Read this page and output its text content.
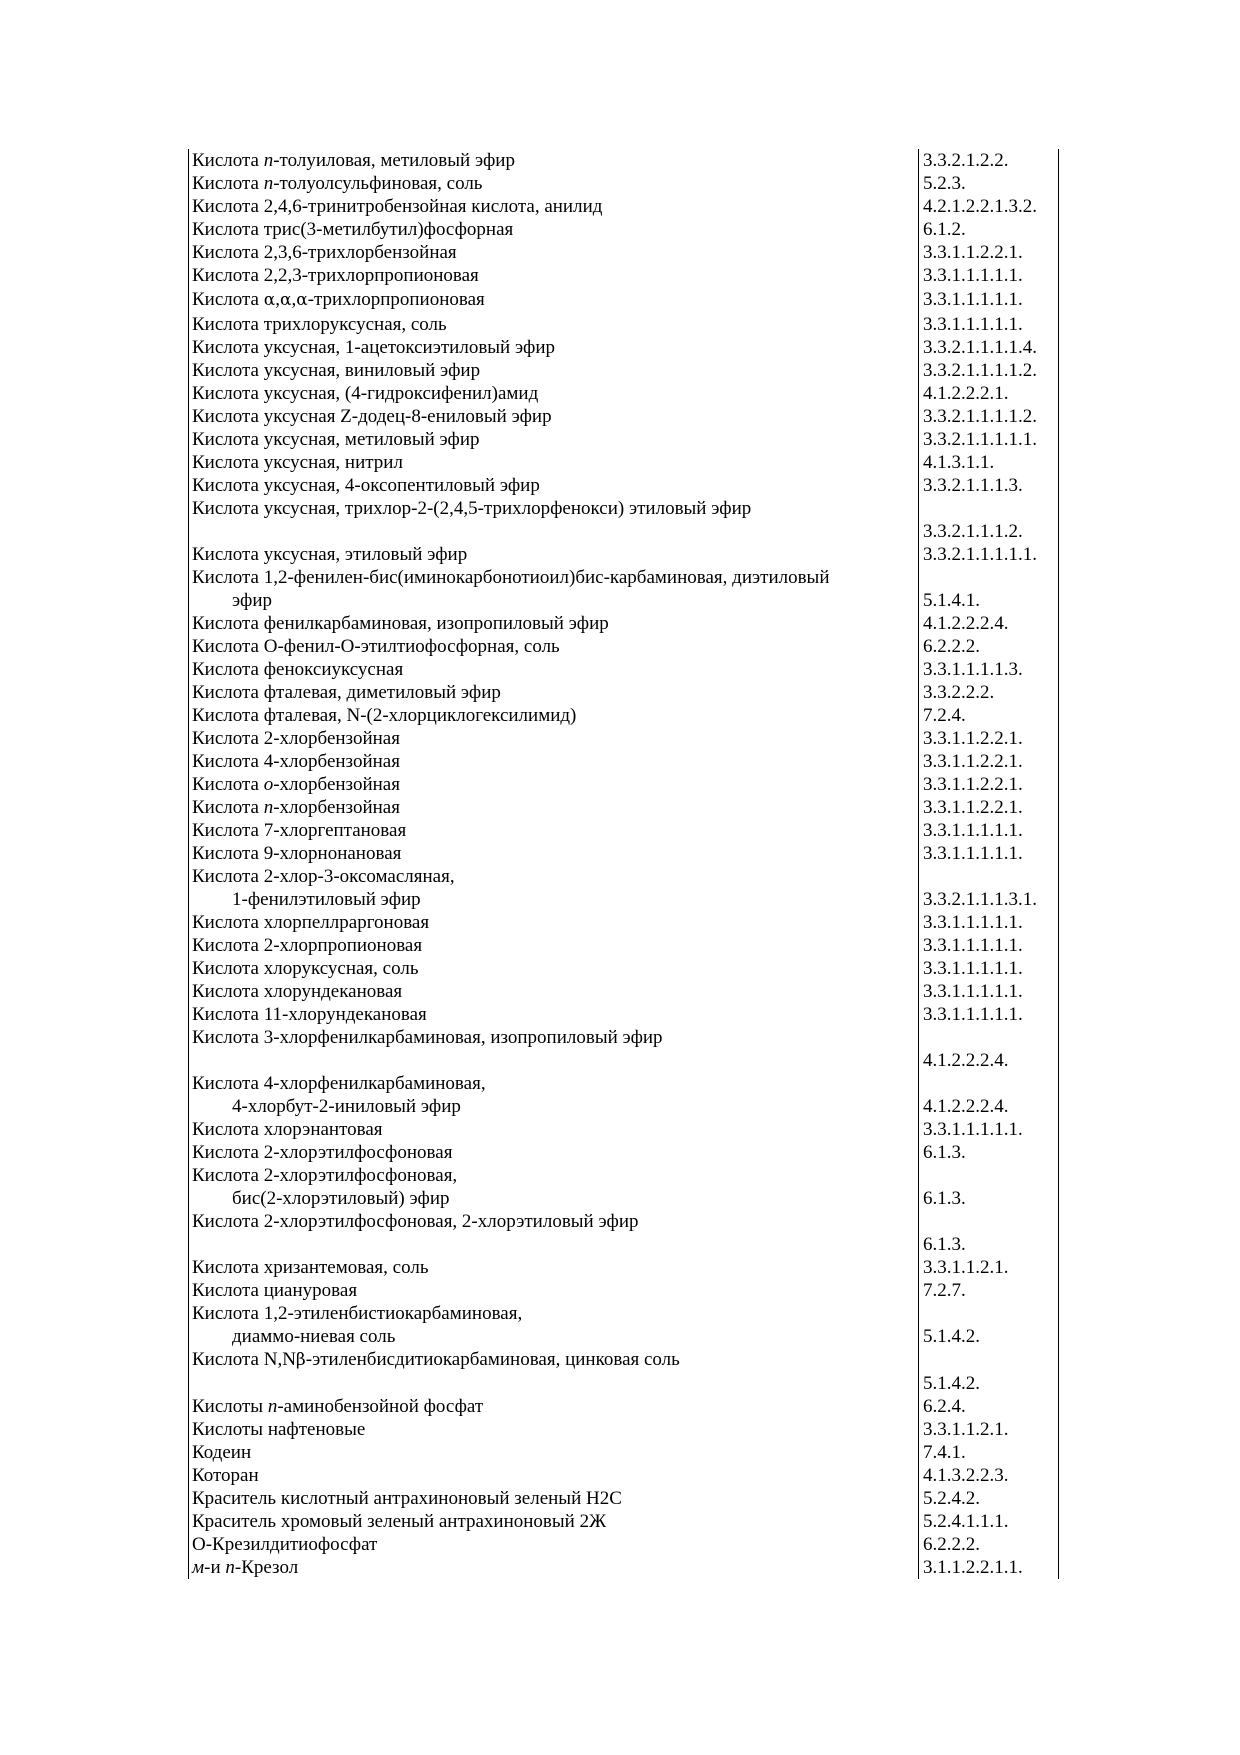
Кислота п-толуиловая, метиловый эфир	3.3.2.1.2.2.
Кислота п-толуолсульфиновая, соль	5.2.3.
Кислота 2,4,6-тринитробензойная кислота, анилид	4.2.1.2.2.1.3.2.
Кислота трис(3-метилбутил)фосфорная	6.1.2.
Кислота 2,3,6-трихлорбензойная	3.3.1.1.2.2.1.
Кислота 2,2,3-трихлорпропионовая	3.3.1.1.1.1.1.
Кислота α,α,α-трихлорпропионовая	3.3.1.1.1.1.1.
Кислота трихлоруксусная, соль	3.3.1.1.1.1.1.
Кислота уксусная, 1-ацетоксиэтиловый эфир	3.3.2.1.1.1.1.4.
Кислота уксусная, виниловый эфир	3.3.2.1.1.1.1.2.
Кислота уксусная, (4-гидроксифенил)амид	4.1.2.2.2.1.
Кислота уксусная Z-додец-8-ениловый эфир	3.3.2.1.1.1.1.2.
Кислота уксусная, метиловый эфир	3.3.2.1.1.1.1.1.
Кислота уксусная, нитрил	4.1.3.1.1.
Кислота уксусная, 4-оксопентиловый эфир	3.3.2.1.1.1.3.
Кислота уксусная, трихлор-2-(2,4,5-трихлорфенокси) этиловый эфир	3.3.2.1.1.1.2.
Кислота уксусная, этиловый эфир	3.3.2.1.1.1.1.1.
Кислота 1,2-фенилен-бис(иминокарбонотиоил)бис-карбаминовая, диэтиловый
эфир	5.1.4.1.
Кислота фенилкарбаминовая, изопропиловый эфир	4.1.2.2.2.4.
Кислота О-фенил-О-этилтиофосфорная, соль	6.2.2.2.
Кислота феноксиуксусная	3.3.1.1.1.1.3.
Кислота фталевая, диметиловый эфир	3.3.2.2.2.
Кислота фталевая, N-(2-хлорциклогексилимид)	7.2.4.
Кислота 2-хлорбензойная	3.3.1.1.2.2.1.
Кислота 4-хлорбензойная	3.3.1.1.2.2.1.
Кислота о-хлорбензойная	3.3.1.1.2.2.1.
Кислота п-хлорбензойная	3.3.1.1.2.2.1.
Кислота 7-хлоргептановая	3.3.1.1.1.1.1.
Кислота 9-хлорнонановая	3.3.1.1.1.1.1.
Кислота 2-хлор-3-оксомасляная,
1-фенилэтиловый эфир	3.3.2.1.1.1.3.1.
Кислота хлорпеллраргоновая	3.3.1.1.1.1.1.
Кислота 2-хлорпропионовая	3.3.1.1.1.1.1.
Кислота хлоруксусная, соль	3.3.1.1.1.1.1.
Кислота хлорундекановая	3.3.1.1.1.1.1.
Кислота 11-хлорундекановая	3.3.1.1.1.1.1.
Кислота 3-хлорфенилкарбаминовая, изопропиловый эфир	4.1.2.2.2.4.
Кислота 4-хлорфенилкарбаминовая,
4-хлорбут-2-иниловый эфир	4.1.2.2.2.4.
Кислота хлорэнантовая	3.3.1.1.1.1.1.
Кислота 2-хлорэтилфосфоновая	6.1.3.
Кислота 2-хлорэтилфосфоновая,
бис(2-хлорэтиловый) эфир	6.1.3.
Кислота 2-хлорэтилфосфоновая, 2-хлорэтиловый эфир	6.1.3.
Кислота хризантемовая, соль	3.3.1.1.2.1.
Кислота циануровая	7.2.7.
Кислота 1,2-этиленбистиокарбаминовая,
диаммо-ниевая соль	5.1.4.2.
Кислота N,Nβ-этиленбисдитиокарбаминовая, цинковая соль	5.1.4.2.
Кислоты п-аминобензойной фосфат	6.2.4.
Кислоты нафтеновые	3.3.1.1.2.1.
Кодеин	7.4.1.
Которан	4.1.3.2.2.3.
Краситель кислотный антрахиноновый зеленый Н2С	5.2.4.2.
Краситель хромовый зеленый антрахиноновый 2Ж	5.2.4.1.1.1.
О-Крезилдитиофосфат	6.2.2.2.
м-и п-Крезол	3.1.1.2.2.1.1.
